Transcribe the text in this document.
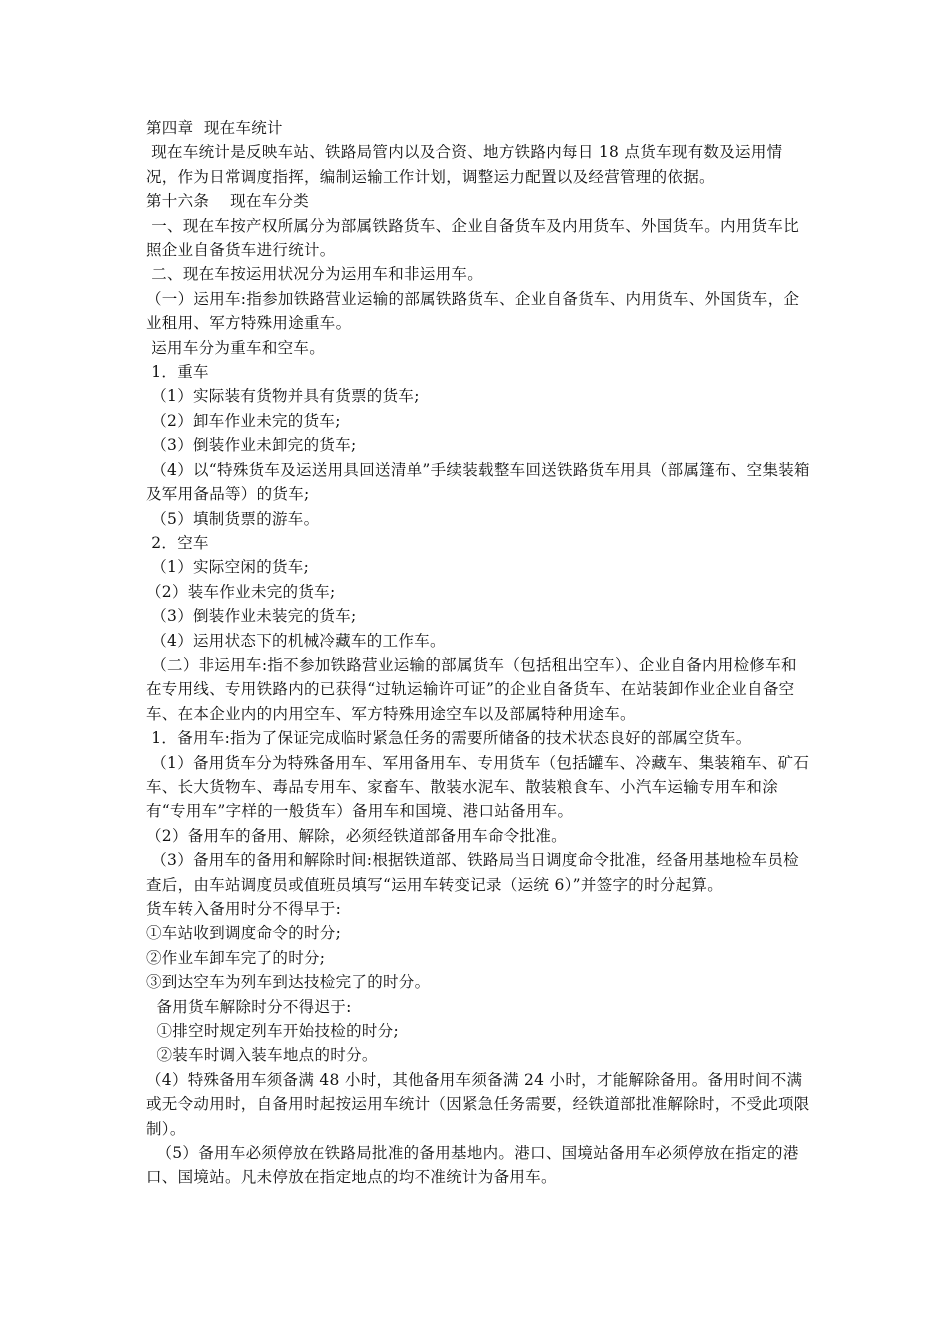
第四章  现在车统计

现在车统计是反映车站、铁路局管内以及合资、地方铁路内每日 18 点货车现有数及运用情况，作为日常调度指挥，编制运输工作计划，调整运力配置以及经营管理的依据。

第十六条    现在车分类

一、现在车按产权所属分为部属铁路货车、企业自备货车及内用货车、外国货车。内用货车比照企业自备货车进行统计。

二、现在车按运用状况分为运用车和非运用车。

（一）运用车:指参加铁路营业运输的部属铁路货车、企业自备货车、内用货车、外国货车，企业租用、军方特殊用途重车。

运用车分为重车和空车。

1．重车

（1）实际装有货物并具有货票的货车;

（2）卸车作业未完的货车;

（3）倒装作业未卸完的货车;

（4）以“特殊货车及运送用具回送清单”手续装载整车回送铁路货车用具（部属篷布、空集装箱及军用备品等）的货车;

（5）填制货票的游车。

2．空车

（1）实际空闲的货车;

（2）装车作业未完的货车;

（3）倒装作业未装完的货车;

（4）运用状态下的机械冷藏车的工作车。

（二）非运用车:指不参加铁路营业运输的部属货车（包括租出空车）、企业自备内用检修车和在专用线、专用铁路内的已获得“过轨运输许可证”的企业自备货车、在站装卸作业企业自备空车、在本企业内的内用空车、军方特殊用途空车以及部属特种用途车。

1．备用车:指为了保证完成临时紧急任务的需要所储备的技术状态良好的部属空货车。

（1）备用货车分为特殊备用车、军用备用车、专用货车（包括罐车、冷藏车、集装箱车、矿石车、长大货物车、毒品专用车、家畜车、散装水泥车、散装粮食车、小汽车运输专用车和涂有“专用车”字样的一般货车）备用车和国境、港口站备用车。

（2）备用车的备用、解除，必须经铁道部备用车命令批准。

（3）备用车的备用和解除时间:根据铁道部、铁路局当日调度命令批准，经备用基地检车员检查后，由车站调度员或值班员填写“运用车转变记录（运统 6）”并签字的时分起算。

货车转入备用时分不得早于:

①车站收到调度命令的时分;

②作业车卸车完了的时分;

③到达空车为列车到达技检完了的时分。

备用货车解除时分不得迟于:

①排空时规定列车开始技检的时分;

②装车时调入装车地点的时分。

（4）特殊备用车须备满 48 小时，其他备用车须备满 24 小时，才能解除备用。备用时间不满或无令动用时，自备用时起按运用车统计（因紧急任务需要，经铁道部批准解除时，不受此项限制）。

（5）备用车必须停放在铁路局批准的备用基地内。港口、国境站备用车必须停放在指定的港口、国境站。凡未停放在指定地点的均不准统计为备用车。
